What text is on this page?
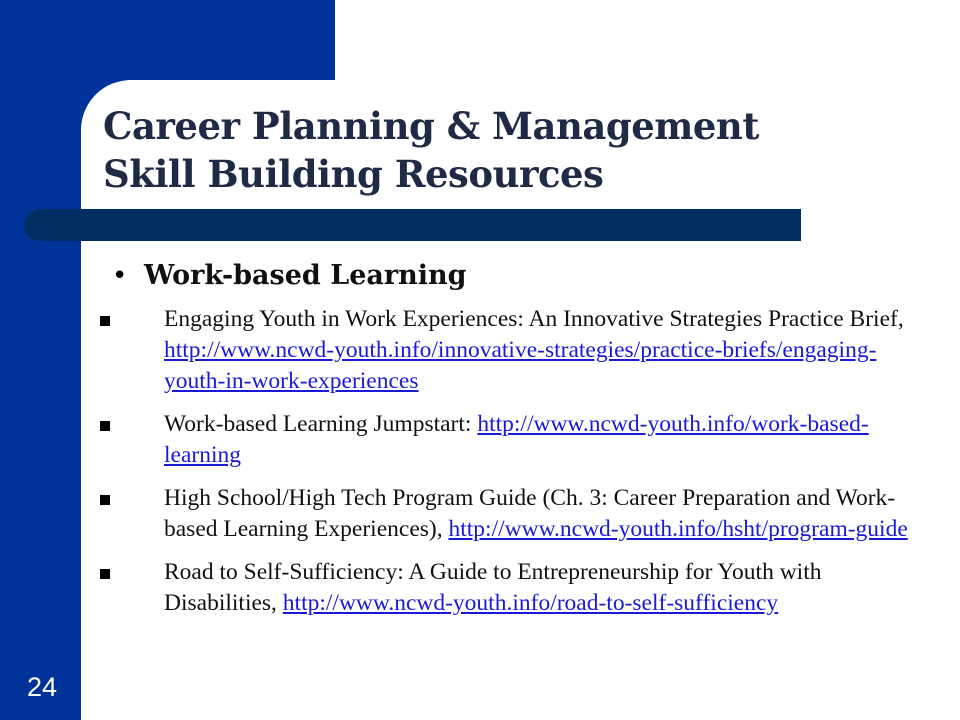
Career Planning & Management
Skill Building Resources
• Work-based Learning
Engaging Youth in Work Experiences: An Innovative Strategies Practice Brief, http://www.ncwd-youth.info/innovative-strategies/practice-briefs/engaging-youth-in-work-experiences
Work-based Learning Jumpstart: http://www.ncwd-youth.info/work-based-learning
High School/High Tech Program Guide (Ch. 3: Career Preparation and Work-based Learning Experiences), http://www.ncwd-youth.info/hsht/program-guide
Road to Self-Sufficiency: A Guide to Entrepreneurship for Youth with Disabilities, http://www.ncwd-youth.info/road-to-self-sufficiency
24
